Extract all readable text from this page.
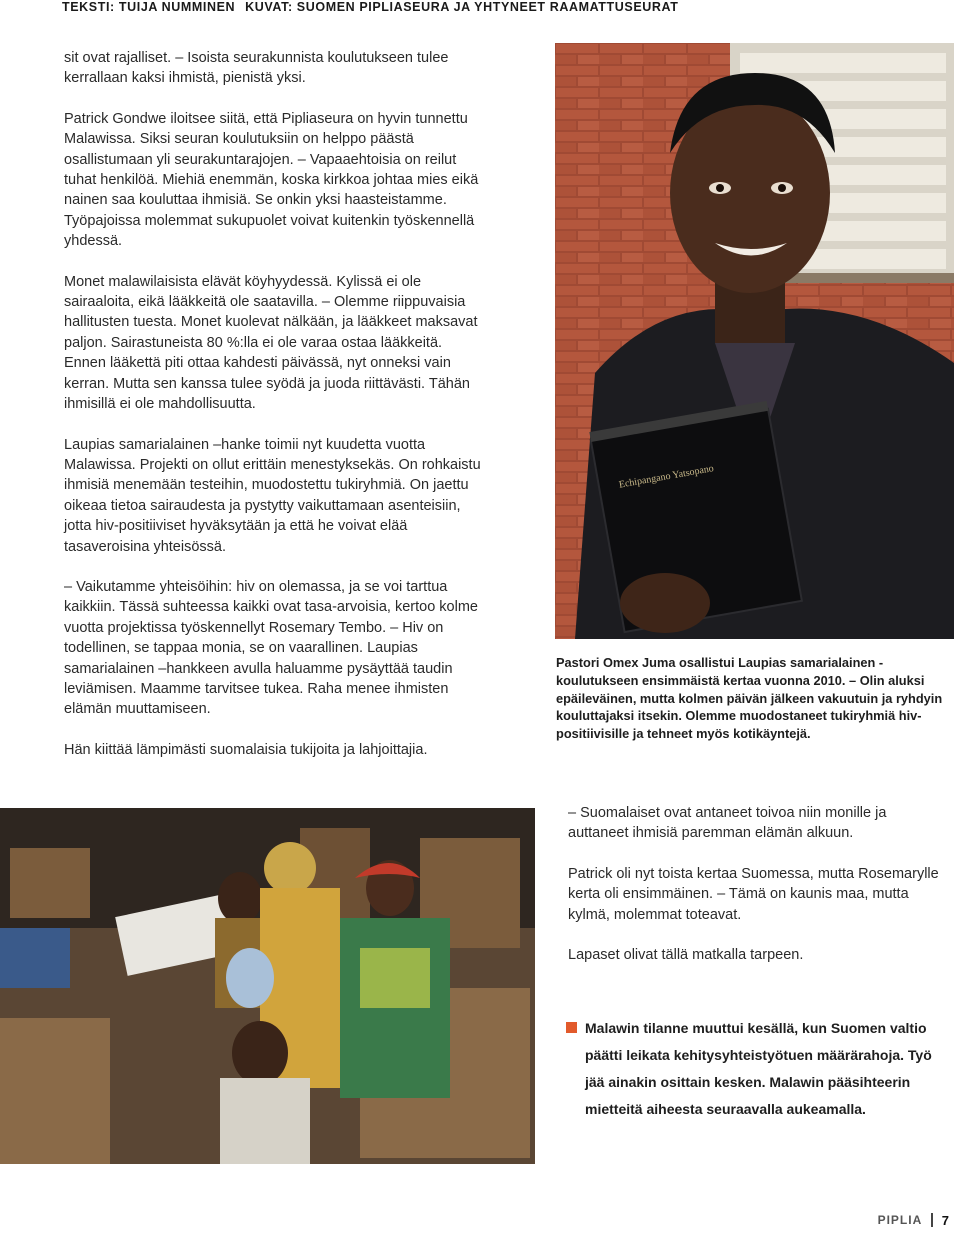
TEKSTI: TUIJA NUMMINEN KUVAT: SUOMEN PIPLIASEURA JA YHTYNEET RAAMATTUSEURAT

sit ovat rajalliset. – Isoista seurakunnista koulutukseen tulee kerrallaan kaksi ihmistä, pienistä yksi.

Patrick Gondwe iloitsee siitä, että Pipliaseura on hyvin tunnettu Malawissa. Siksi seuran koulutuksiin on helppo päästä osallistumaan yli seurakuntarajojen. – Vapaaehtoisia on reilut tuhat henkilöä. Miehiä enemmän, koska kirkkoa johtaa mies eikä nainen saa kouluttaa ihmisiä. Se onkin yksi haasteistamme. Työpajoissa molemmat sukupuolet voivat kuitenkin työskennellä yhdessä.

Monet malawilaisista elävät köyhyydessä. Kylissä ei ole sairaaloita, eikä lääkkeitä ole saatavilla. – Olemme riippuvaisia hallitusten tuesta. Monet kuolevat nälkään, ja lääkkeet maksavat paljon. Sairastuneista 80 %:lla ei ole varaa ostaa lääkkeitä. Ennen lääkettä piti ottaa kahdesti päivässä, nyt onneksi vain kerran. Mutta sen kanssa tulee syödä ja juoda riittävästi. Tähän ihmisillä ei ole mahdollisuutta.

Laupias samarialainen –hanke toimii nyt kuudetta vuotta Malawissa. Projekti on ollut erittäin menestyksekäs. On rohkaistu ihmisiä menemään testeihin, muodostettu tukiryhmiä. On jaettu oikeaa tietoa sairaudesta ja pystytty vaikuttamaan asenteisiin, jotta hiv-positiiviset hyväksytään ja että he voivat elää tasaveroisina yhteisössä.

– Vaikutamme yhteisöihin: hiv on olemassa, ja se voi tarttua kaikkiin. Tässä suhteessa kaikki ovat tasa-arvoisia, kertoo kolme vuotta projektissa työskennellyt Rosemary Tembo. – Hiv on todellinen, se tappaa monia, se on vaarallinen. Laupias samarialainen –hankkeen avulla haluamme pysäyttää taudin leviämisen. Maamme tarvitsee tukea. Raha menee ihmisten elämän muuttamiseen.

Hän kiittää lämpimästi suomalaisia tukijoita ja lahjoittajia.

Echipangano Yatsopano
Pastori Omex Juma osallistui Laupias samarialainen -koulutukseen ensimmäistä kertaa vuonna 2010. – Olin aluksi epäileväinen, mutta kolmen päivän jälkeen vakuutuin ja ryhdyin kouluttajaksi itsekin. Olemme muodostaneet tukiryhmiä hiv-positiivisille ja tehneet myös kotikäyntejä.

– Suomalaiset ovat antaneet toivoa niin monille ja auttaneet ihmisiä paremman elämän alkuun.

Patrick oli nyt toista kertaa Suomessa, mutta Rosemarylle kerta oli ensimmäinen. – Tämä on kaunis maa, mutta kylmä, molemmat toteavat.

Lapaset olivat tällä matkalla tarpeen.

Malawin tilanne muuttui kesällä, kun Suomen valtio päätti leikata kehitysyhteistyötuen määrärahoja. Työ jää ainakin osittain kesken. Malawin pääsihteerin mietteitä aiheesta seuraavalla aukeamalla.
PIPLIA 7
